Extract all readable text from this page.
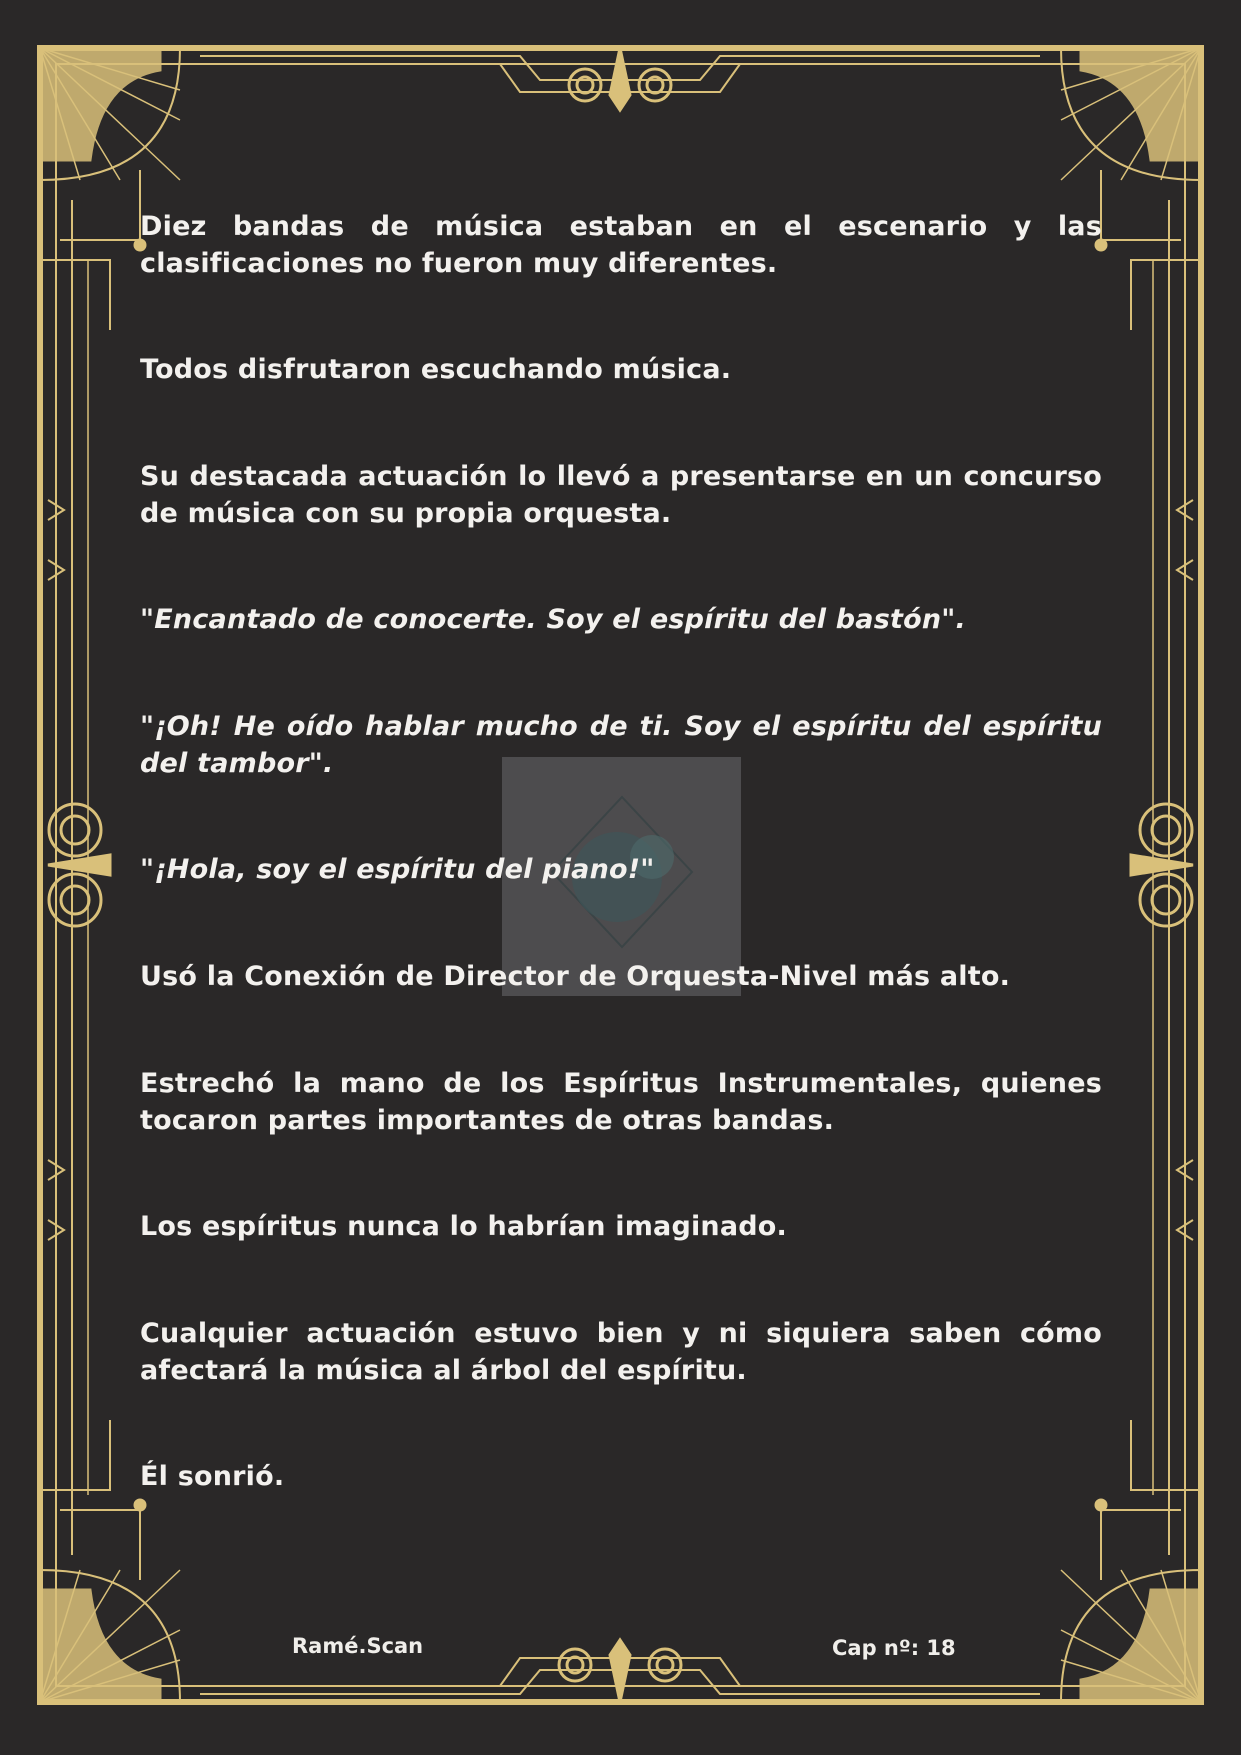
Diez bandas de música estaban en el escenario y las clasificaciones no fueron muy diferentes.

Todos disfrutaron escuchando música.

Su destacada actuación lo llevó a presentarse en un concurso de música con su propia orquesta.

"Encantado de conocerte. Soy el espíritu del bastón".

"¡Oh! He oído hablar mucho de ti. Soy el espíritu del espíritu del tambor".

"¡Hola, soy el espíritu del piano!"

Usó la Conexión de Director de Orquesta-Nivel más alto.

Estrechó la mano de los Espíritus Instrumentales, quienes tocaron partes importantes de otras bandas.

Los espíritus nunca lo habrían imaginado.

Cualquier actuación estuvo bien y ni siquiera saben cómo afectará la música al árbol del espíritu.

Él sonrió.

Ramé.Scan	Cap nº: 18
